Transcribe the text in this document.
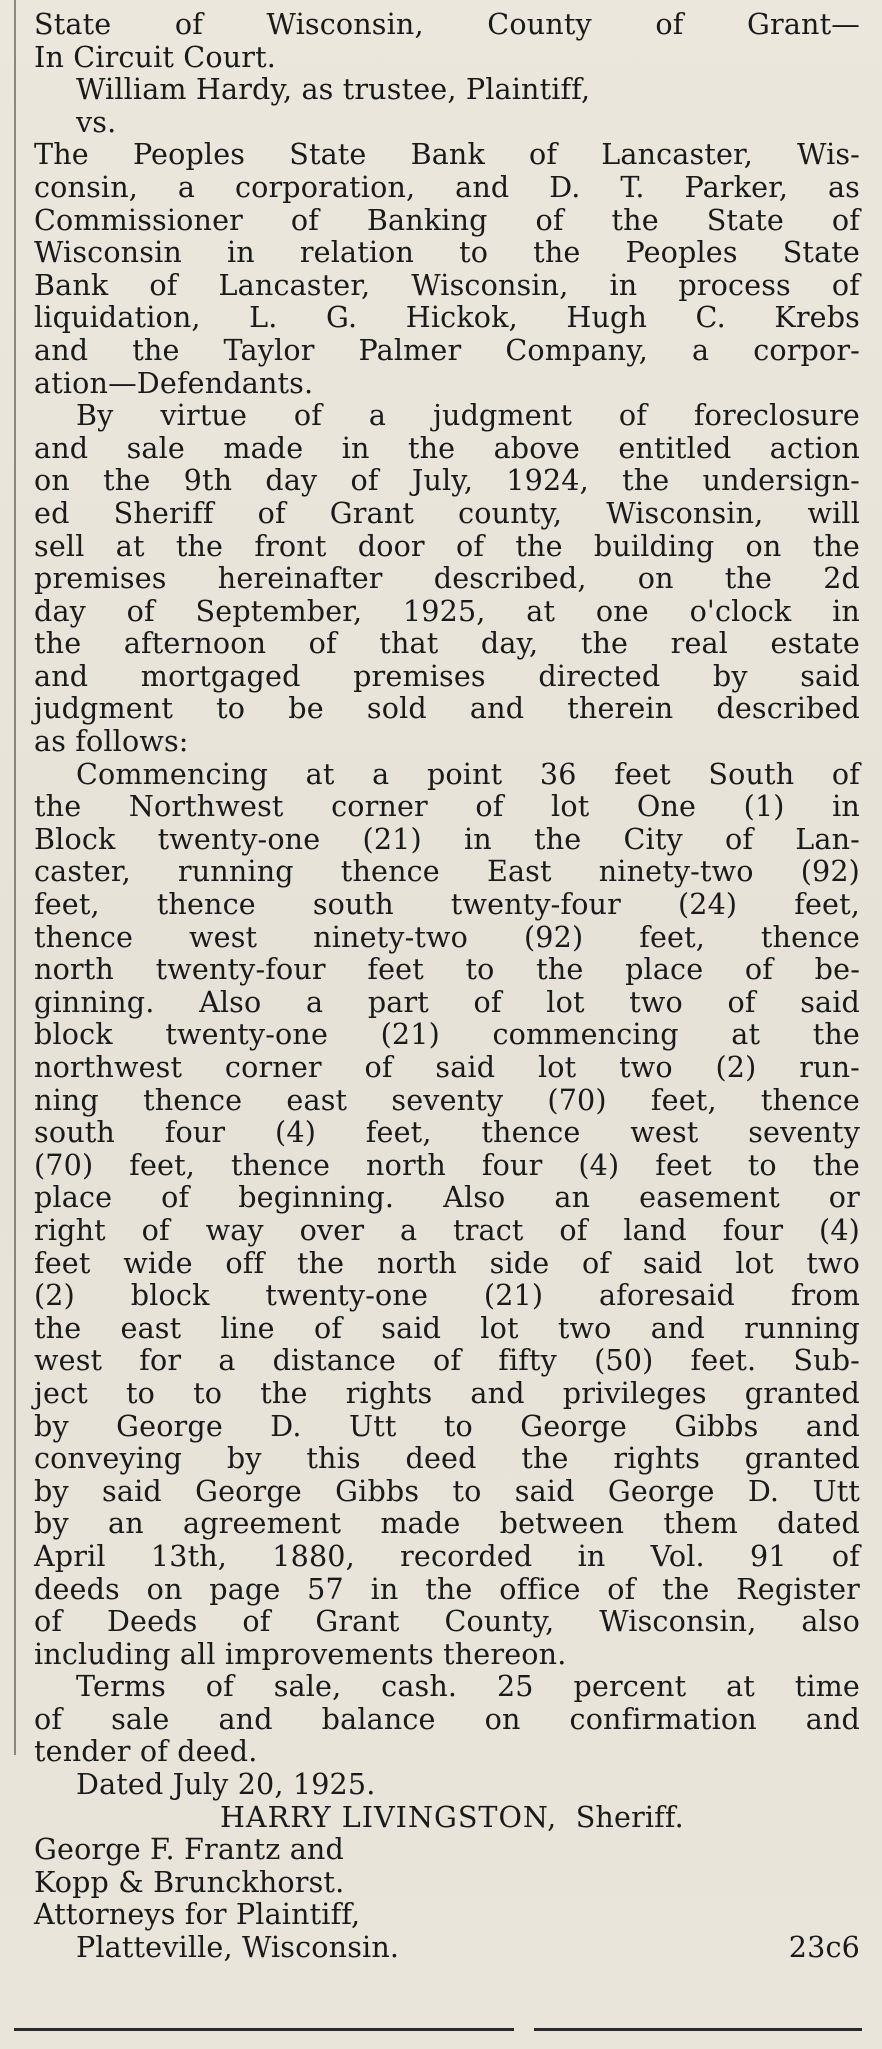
State of Wisconsin, County of Grant—
In Circuit Court.
William Hardy, as trustee, Plaintiff,
vs.
The Peoples State Bank of Lancaster, Wis-
consin, a corporation, and D. T. Parker, as
Commissioner of Banking of the State of
Wisconsin in relation to the Peoples State
Bank of Lancaster, Wisconsin, in process of
liquidation, L. G. Hickok, Hugh C. Krebs
and the Taylor Palmer Company, a corpor-
ation—Defendants.
By virtue of a judgment of foreclosure
and sale made in the above entitled action
on the 9th day of July, 1924, the undersign-
ed Sheriff of Grant county, Wisconsin, will
sell at the front door of the building on the
premises hereinafter described, on the 2d
day of September, 1925, at one o'clock in
the afternoon of that day, the real estate
and mortgaged premises directed by said
judgment to be sold and therein described
as follows:
Commencing at a point 36 feet South of
the Northwest corner of lot One (1) in
Block twenty-one (21) in the City of Lan-
caster, running thence East ninety-two (92)
feet, thence south twenty-four (24) feet,
thence west ninety-two (92) feet, thence
north twenty-four feet to the place of be-
ginning. Also a part of lot two of said
block twenty-one (21) commencing at the
northwest corner of said lot two (2) run-
ning thence east seventy (70) feet, thence
south four (4) feet, thence west seventy
(70) feet, thence north four (4) feet to the
place of beginning. Also an easement or
right of way over a tract of land four (4)
feet wide off the north side of said lot two
(2) block twenty-one (21) aforesaid from
the east line of said lot two and running
west for a distance of fifty (50) feet. Sub-
ject to to the rights and privileges granted
by George D. Utt to George Gibbs and
conveying by this deed the rights granted
by said George Gibbs to said George D. Utt
by an agreement made between them dated
April 13th, 1880, recorded in Vol. 91 of
deeds on page 57 in the office of the Register
of Deeds of Grant County, Wisconsin, also
including all improvements thereon.
Terms of sale, cash. 25 percent at time
of sale and balance on confirmation and
tender of deed.
Dated July 20, 1925.
HARRY LIVINGSTON, Sheriff.
George F. Frantz and
Kopp & Brunckhorst.
Attorneys for Plaintiff,
Platteville, Wisconsin.	23c6
